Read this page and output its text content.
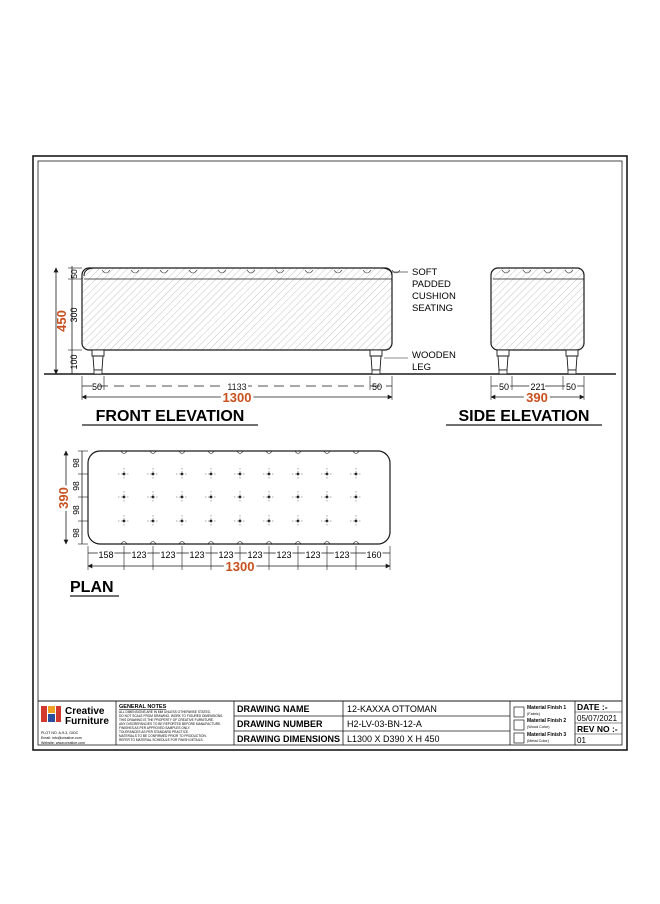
50
300
100
450
50	1133	50
1300
SOFT
PADDED
CUSHION
SEATING
WOODEN
LEG
FRONT ELEVATION
50 221 50
390
SIDE ELEVATION
98
98
98
98
390
158 123 123 123 123 123 123 123 123 160
1300
PLAN
Creative
Furniture
PLOT NO. A-9-3, GIDC
Email: info@creative.com
Website: www.creative.com
GENERAL NOTES
ALL DIMENSIONS ARE IN MM UNLESS OTHERWISE STATED.
DO NOT SCALE FROM DRAWING. WORK TO FIGURED DIMENSIONS.
THIS DRAWING IS THE PROPERTY OF CREATIVE FURNITURE.
ANY DISCREPANCIES TO BE REPORTED BEFORE MANUFACTURE.
FINISHES AS PER APPROVED SAMPLES ONLY.
TOLERANCES AS PER STANDARD PRACTICE.
MATERIALS TO BE CONFIRMED PRIOR TO PRODUCTION.
REFER TO MATERIAL SCHEDULE FOR FINISH DETAILS.
DRAWING NAME
DRAWING NUMBER
DRAWING DIMENSIONS
12-KAXXA OTTOMAN
H2-LV-03-BN-12-A
L1300 X D390 X H 450
Material Finish 1
(Fabric)
Material Finish 2
(Wood Color)
Material Finish 3
(Metal Color)
DATE :-
05/07/2021
REV NO :-
01
